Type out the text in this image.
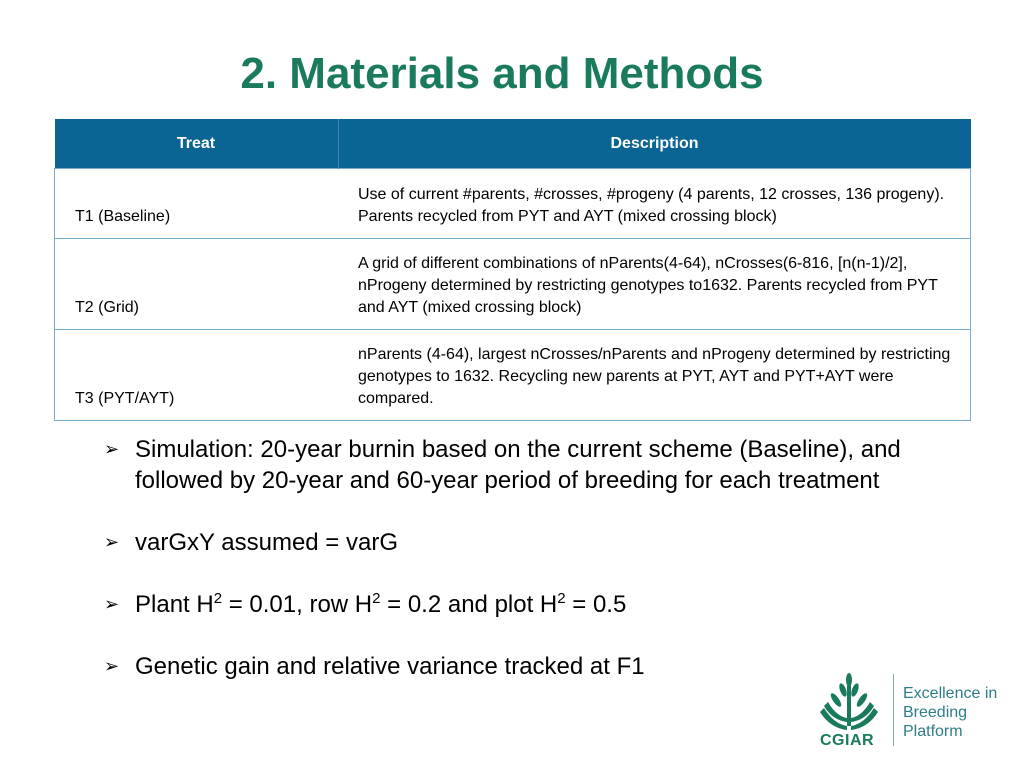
2. Materials and Methods
Treat	Description
T1 (Baseline)	Use of current #parents, #crosses, #progeny (4 parents, 12 crosses, 136 progeny). Parents recycled from PYT and AYT (mixed crossing block)
T2 (Grid)	A grid of different combinations of nParents(4-64), nCrosses(6-816, [n(n-1)/2], nProgeny determined by restricting genotypes to1632. Parents recycled from PYT and AYT (mixed crossing block)
T3 (PYT/AYT)	nParents (4-64), largest nCrosses/nParents and nProgeny determined by restricting genotypes to 1632. Recycling new parents at PYT, AYT and PYT+AYT were compared.
➢ Simulation: 20-year burnin based on the current scheme (Baseline), and followed by 20-year and 60-year period of breeding for each treatment
➢ varGxY assumed = varG
➢ Plant $H^2 = 0.01$, row $H^2 = 0.2$ and plot $H^2 = 0.5$
➢ Genetic gain and relative variance tracked at F1
CGIAR
Excellence in
Breeding
Platform
